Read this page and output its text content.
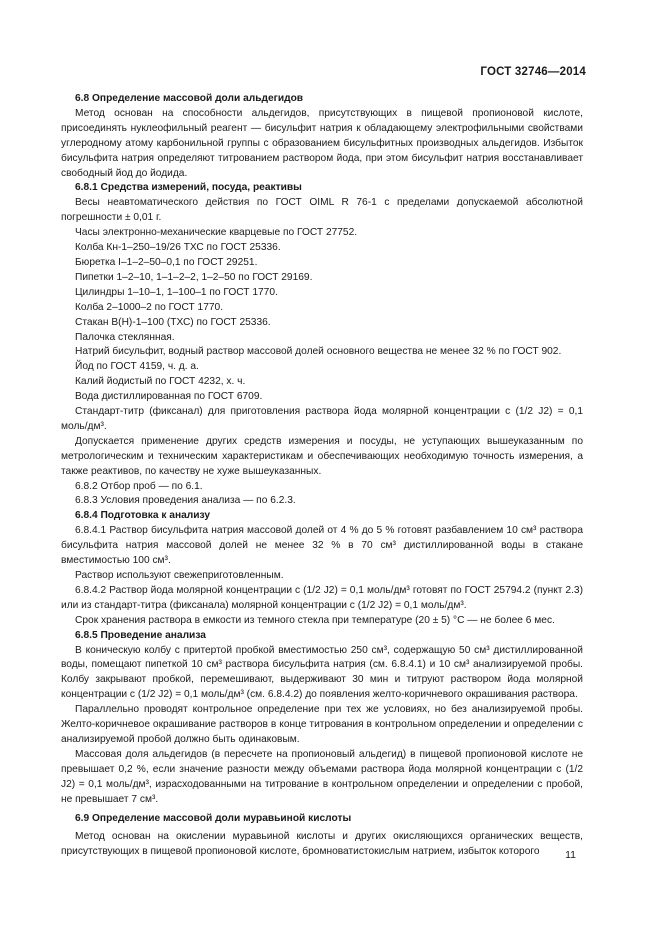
ГОСТ 32746—2014

6.8 Определение массовой доли альдегидов

Метод основан на способности альдегидов, присутствующих в пищевой пропионовой кислоте, присоединять нуклеофильный реагент — бисульфит натрия к обладающему электрофильными свойствами углеродному атому карбонильной группы с образованием бисульфитных производных альдегидов. Избыток бисульфита натрия определяют титрованием раствором йода, при этом бисульфит натрия восстанавливает свободный йод до йодида.

6.8.1 Средства измерений, посуда, реактивы

Весы неавтоматического действия по ГОСТ OIML R 76-1 с пределами допускаемой абсолютной погрешности ± 0,01 г.

Часы электронно-механические кварцевые по ГОСТ 27752.

Колба Кн-1–250–19/26 ТХС по ГОСТ 25336.

Бюретка I–1–2–50–0,1 по ГОСТ 29251.

Пипетки 1–2–10, 1–1–2–2, 1–2–50 по ГОСТ 29169.

Цилиндры 1–10–1, 1–100–1 по ГОСТ 1770.

Колба 2–1000–2 по ГОСТ 1770.

Стакан В(Н)-1–100 (ТХС) по ГОСТ 25336.

Палочка стеклянная.

Натрий бисульфит, водный раствор массовой долей основного вещества не менее 32 % по ГОСТ 902.

Йод по ГОСТ 4159, ч. д. а.

Калий йодистый по ГОСТ 4232, х. ч.

Вода дистиллированная по ГОСТ 6709.

Стандарт-титр (фиксанал) для приготовления раствора йода молярной концентрации с (1/2 J2) = 0,1 моль/дм³.

Допускается применение других средств измерения и посуды, не уступающих вышеуказанным по метрологическим и техническим характеристикам и обеспечивающих необходимую точность измерения, а также реактивов, по качеству не хуже вышеуказанных.

6.8.2 Отбор проб — по 6.1.

6.8.3 Условия проведения анализа — по 6.2.3.

6.8.4 Подготовка к анализу

6.8.4.1 Раствор бисульфита натрия массовой долей от 4 % до 5 % готовят разбавлением 10 см³ раствора бисульфита натрия массовой долей не менее 32 % в 70 см³ дистиллированной воды в стакане вместимостью 100 см³.

Раствор используют свежеприготовленным.

6.8.4.2 Раствор йода молярной концентрации с (1/2 J2) = 0,1 моль/дм³ готовят по ГОСТ 25794.2 (пункт 2.3) или из стандарт-титра (фиксанала) молярной концентрации с (1/2 J2) = 0,1 моль/дм³.

Срок хранения раствора в емкости из темного стекла при температуре (20 ± 5) °С — не более 6 мес.

6.8.5 Проведение анализа

В коническую колбу с притертой пробкой вместимостью 250 см³, содержащую 50 см³ дистиллированной воды, помещают пипеткой 10 см³ раствора бисульфита натрия (см. 6.8.4.1) и 10 см³ анализируемой пробы. Колбу закрывают пробкой, перемешивают, выдерживают 30 мин и титруют раствором йода молярной концентрации с (1/2 J2) = 0,1 моль/дм³ (см. 6.8.4.2) до появления желто-коричневого окрашивания раствора.

Параллельно проводят контрольное определение при тех же условиях, но без анализируемой пробы. Желто-коричневое окрашивание растворов в конце титрования в контрольном определении и определении с анализируемой пробой должно быть одинаковым.

Массовая доля альдегидов (в пересчете на пропионовый альдегид) в пищевой пропионовой кислоте не превышает 0,2 %, если значение разности между объемами раствора йода молярной концентрации с (1/2 J2) = 0,1 моль/дм³, израсходованными на титрование в контрольном определении и определении с пробой, не превышает 7 см³.

6.9 Определение массовой доли муравьиной кислоты

Метод основан на окислении муравьиной кислоты и других окисляющихся органических веществ, присутствующих в пищевой пропионовой кислоте, бромноватистокислым натрием, избыток которого	11
